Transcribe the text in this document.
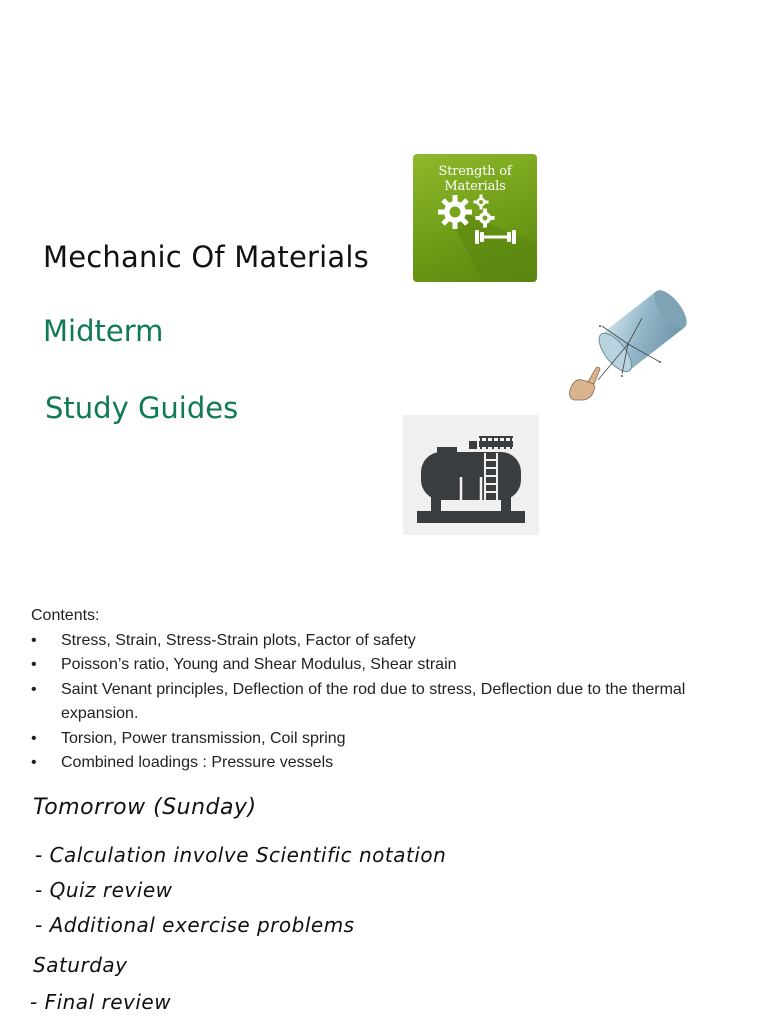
Mechanic Of Materials
Midterm
Study Guides
Strength of Materials
Contents:
• Stress, Strain, Stress-Strain plots, Factor of safety
• Poisson’s ratio, Young and Shear Modulus, Shear strain
• Saint Venant principles, Deflection of the rod due to stress, Deflection due to the thermal expansion.
• Torsion, Power transmission, Coil spring
• Combined loadings : Pressure vessels
Tomorrow (Sunday)
- Calculation involve Scientific notation
- Quiz review
- Additional exercise problems
Saturday
- Final review
